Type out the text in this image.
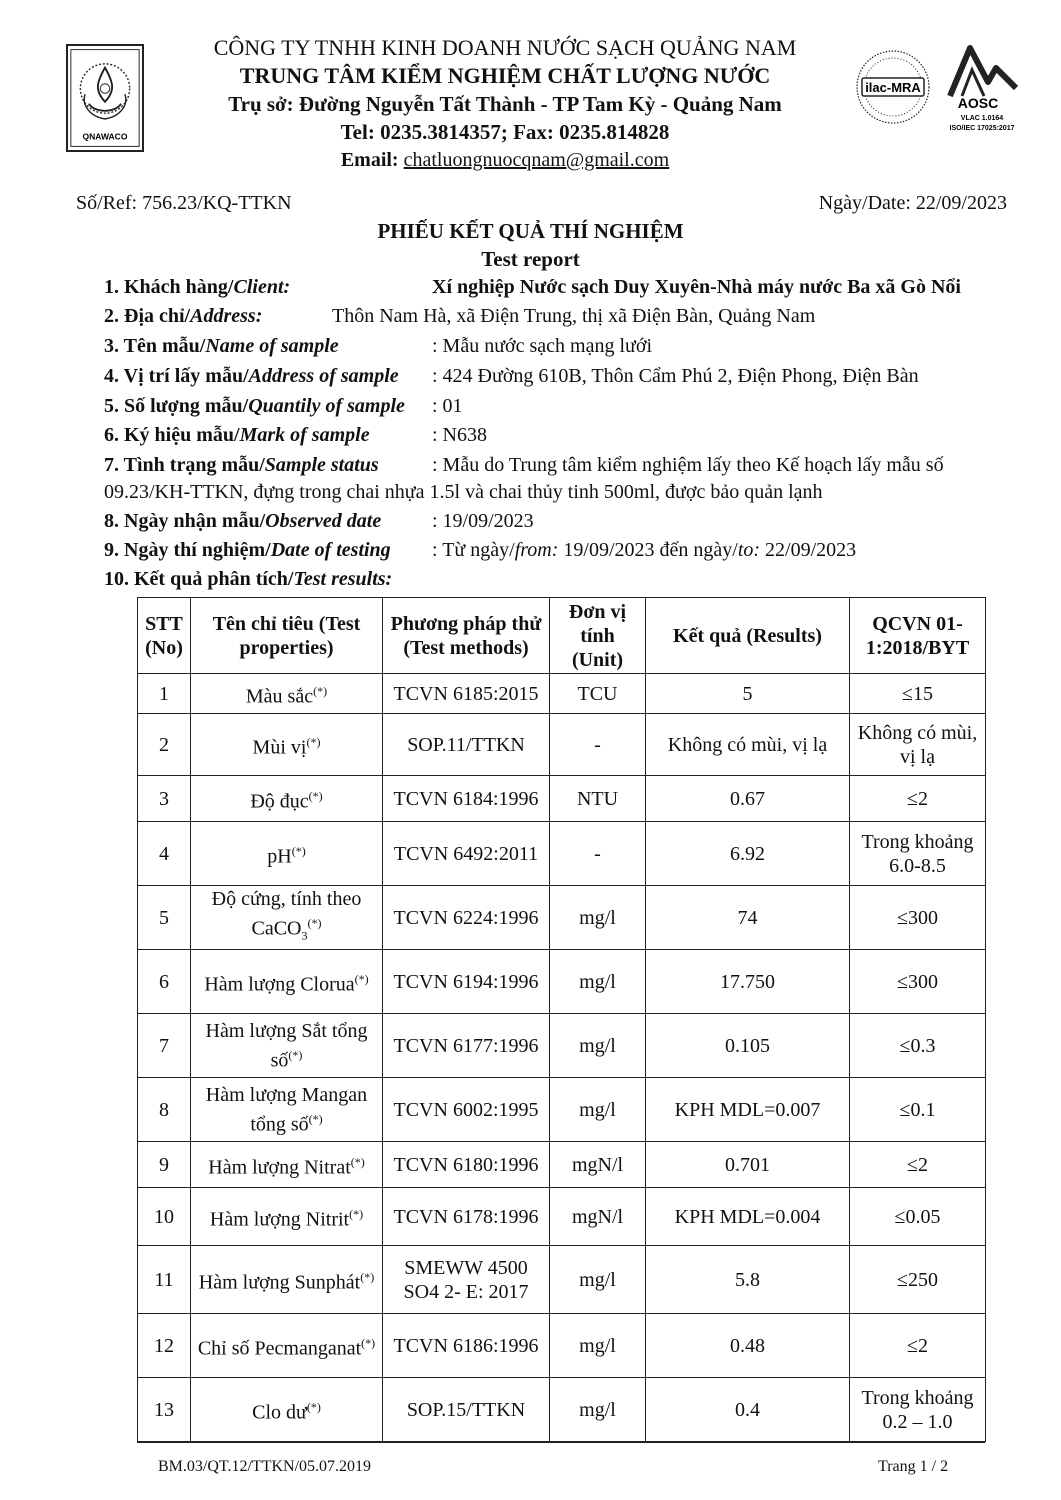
QNAWACO
CÔNG TY TNHH KINH DOANH NƯỚC SẠCH QUẢNG NAM
TRUNG TÂM KIỂM NGHIỆM CHẤT LƯỢNG NƯỚC
Trụ sở: Đường Nguyễn Tất Thành - TP Tam Kỳ - Quảng Nam
Tel: 0235.3814357; Fax: 0235.814828
Email: chatluongnuocqnam@gmail.com
ilac-MRA
AOSC
VLAC 1.0164
ISO/IEC 17025:2017
Số/Ref: 756.23/KQ-TTKN	Ngày/Date: 22/09/2023
PHIẾU KẾT QUẢ THÍ NGHIỆM
Test report
1. Khách hàng/Client:	Xí nghiệp Nước sạch Duy Xuyên-Nhà máy nước Ba xã Gò Nổi
2. Địa chỉ/Address:	Thôn Nam Hà, xã Điện Trung, thị xã Điện Bàn, Quảng Nam
3. Tên mẫu/Name of sample	: Mẫu nước sạch mạng lưới
4. Vị trí lấy mẫu/Address of sample : 424 Đường 610B, Thôn Cẩm Phú 2, Điện Phong, Điện Bàn
5. Số lượng mẫu/Quantily of sample : 01
6. Ký hiệu mẫu/Mark of sample	: N638
7. Tình trạng mẫu/Sample status	: Mẫu do Trung tâm kiểm nghiệm lấy theo Kế hoạch lấy mẫu số
09.23/KH-TTKN, đựng trong chai nhựa 1.5l và chai thủy tinh 500ml, được bảo quản lạnh
8. Ngày nhận mẫu/Observed date	: 19/09/2023
9. Ngày thí nghiệm/Date of testing : Từ ngày/from: 19/09/2023 đến ngày/to: 22/09/2023
10. Kết quả phân tích/Test results:
STT (No)	Tên chỉ tiêu (Test properties)	Phương pháp thử (Test methods)	Đơn vị tính (Unit)	Kết quả (Results)	QCVN 01-1:2018/BYT
1	Màu sắc(*)	TCVN 6185:2015	TCU	5	≤15
2	Mùi vị(*)	SOP.11/TTKN	-	Không có mùi, vị lạ	Không có mùi, vị lạ
3	Độ đục(*)	TCVN 6184:1996	NTU	0.67	≤2
4	pH(*)	TCVN 6492:2011	-	6.92	Trong khoảng 6.0-8.5
5	Độ cứng, tính theo CaCO$_3$(*)	TCVN 6224:1996	mg/l	74	≤300
6	Hàm lượng Clorua(*)	TCVN 6194:1996	mg/l	17.750	≤300
7	Hàm lượng Sắt tổng số(*)	TCVN 6177:1996	mg/l	0.105	≤0.3
8	Hàm lượng Mangan tổng số(*)	TCVN 6002:1995	mg/l	KPH MDL=0.007	≤0.1
9	Hàm lượng Nitrat(*)	TCVN 6180:1996	mgN/l	0.701	≤2
10	Hàm lượng Nitrit(*)	TCVN 6178:1996	mgN/l	KPH MDL=0.004	≤0.05
11	Hàm lượng Sunphát(*)	SMEWW 4500 SO4 2- E: 2017	mg/l	5.8	≤250
12	Chỉ số Pecmanganat(*)	TCVN 6186:1996	mg/l	0.48	≤2
13	Clo dư(*)	SOP.15/TTKN	mg/l	0.4	Trong khoảng 0.2 – 1.0
BM.03/QT.12/TTKN/05.07.2019	Trang 1 / 2
